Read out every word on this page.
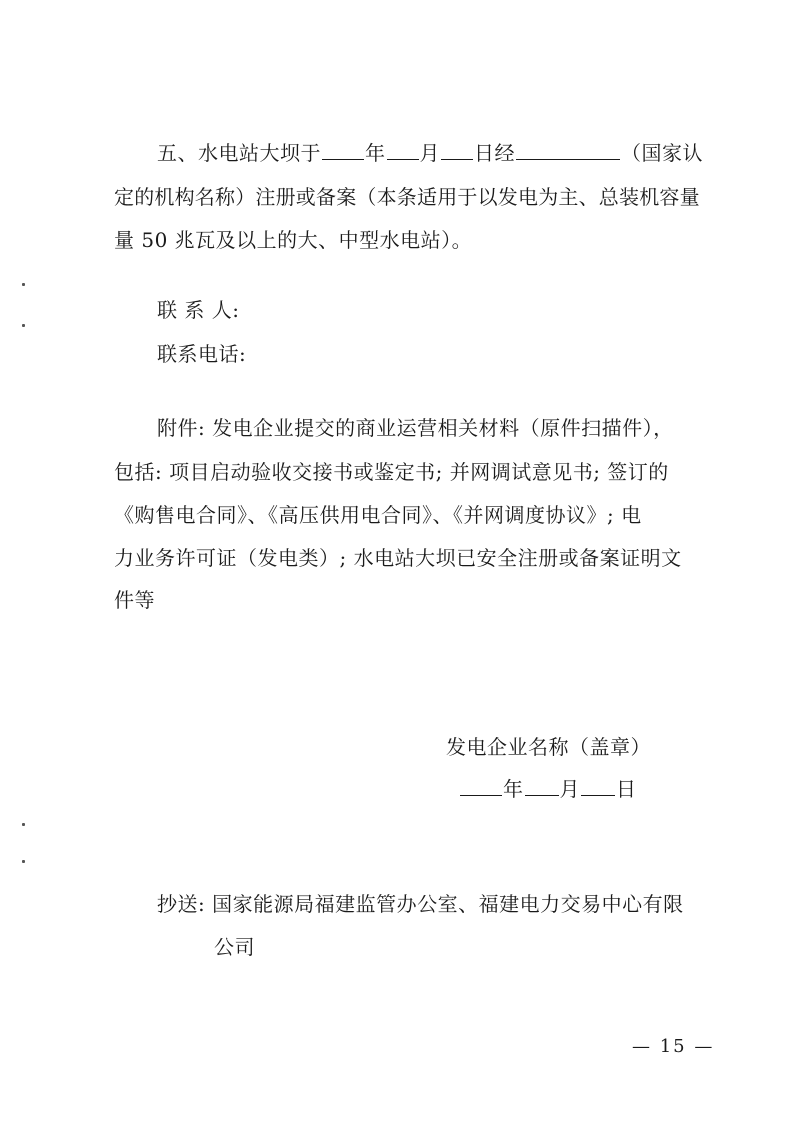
五、水电站大坝于 年 月 日经	（国家认
定的机构名称）注册或备案（本条适用于以发电为主、总装机容量
量 50 兆瓦及以上的大、中型水电站）。
联 系 人:
联系电话:
附件: 发电企业提交的商业运营相关材料（原件扫描件），
包括: 项目启动验收交接书或鉴定书; 并网调试意见书; 签订的
《购售电合同》、《高压供用电合同》、《并网调度协议》; 电
力业务许可证（发电类）; 水电站大坝已安全注册或备案证明文
件等
发电企业名称（盖章）
年 月 日
抄送: 国家能源局福建监管办公室、福建电力交易中心有限
公司
— 15 —
